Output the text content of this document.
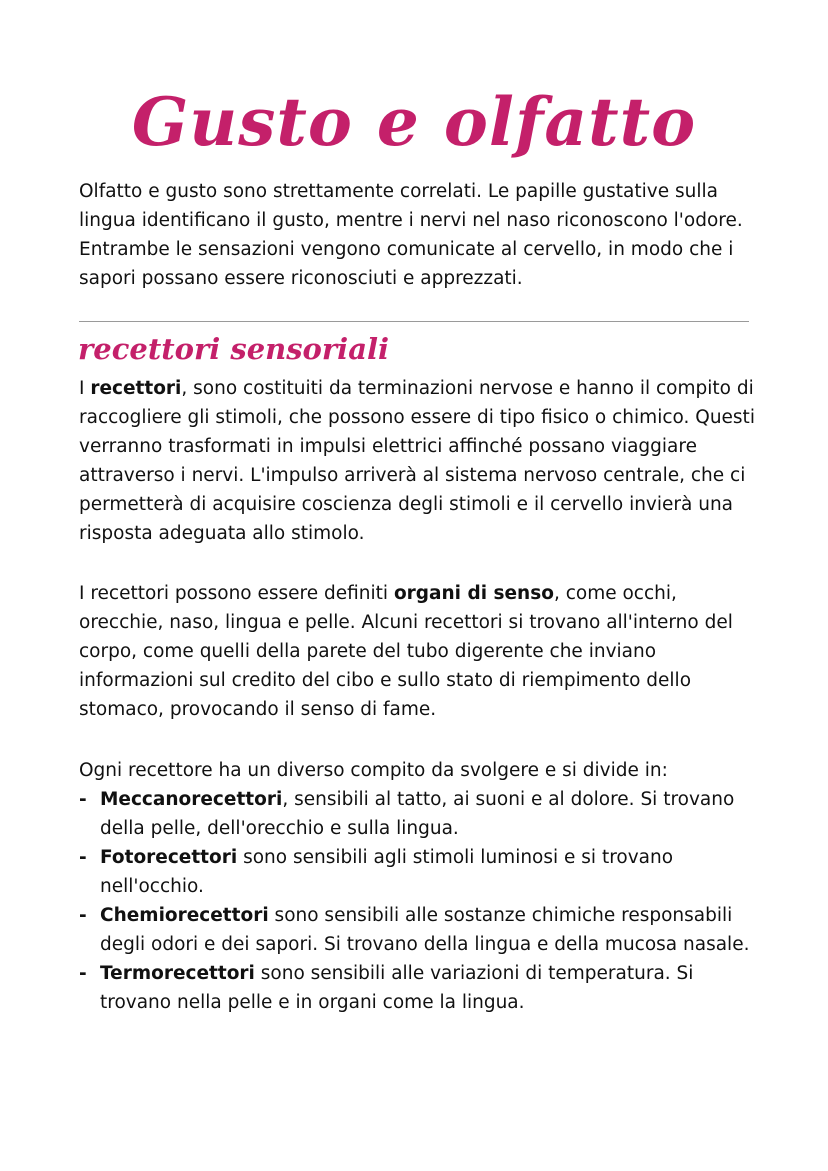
Gusto e olfatto

Olfatto e gusto sono strettamente correlati. Le papille gustative sulla lingua identificano il gusto, mentre i nervi nel naso riconoscono l'odore. Entrambe le sensazioni vengono comunicate al cervello, in modo che i sapori possano essere riconosciuti e apprezzati.

recettori sensoriali

I recettori, sono costituiti da terminazioni nervose e hanno il compito di raccogliere gli stimoli, che possono essere di tipo fisico o chimico. Questi verranno trasformati in impulsi elettrici affinché possano viaggiare attraverso i nervi. L'impulso arriverà al sistema nervoso centrale, che ci permetterà di acquisire coscienza degli stimoli e il cervello invierà una risposta adeguata allo stimolo.

I recettori possono essere definiti organi di senso, come occhi, orecchie, naso, lingua e pelle. Alcuni recettori si trovano all'interno del corpo, come quelli della parete del tubo digerente che inviano informazioni sul credito del cibo e sullo stato di riempimento dello stomaco, provocando il senso di fame.

Ogni recettore ha un diverso compito da svolgere e si divide in:

- Meccanorecettori, sensibili al tatto, ai suoni e al dolore. Si trovano della pelle, dell'orecchio e sulla lingua.
- Fotorecettori sono sensibili agli stimoli luminosi e si trovano nell'occhio.
- Chemiorecettori sono sensibili alle sostanze chimiche responsabili degli odori e dei sapori. Si trovano della lingua e della mucosa nasale.
- Termorecettori sono sensibili alle variazioni di temperatura. Si trovano nella pelle e in organi come la lingua.
